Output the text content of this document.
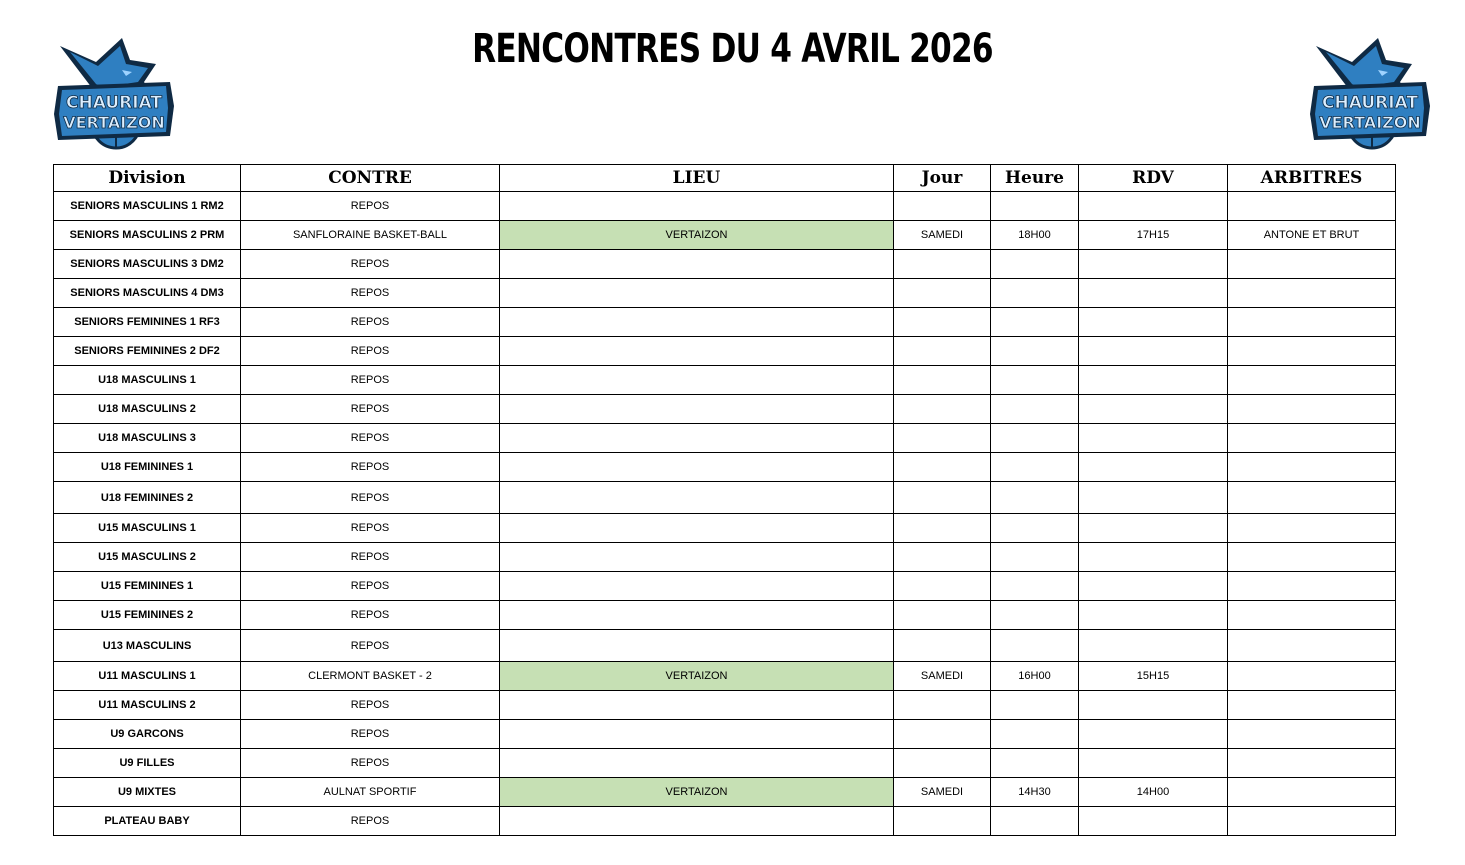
RENCONTRES DU 4 AVRIL 2026
CHAURIAT
VERTAIZON
CHAURIAT
VERTAIZON
Division	CONTRE	LIEU	Jour	Heure	RDV	ARBITRES
SENIORS MASCULINS 1 RM2	REPOS					
SENIORS MASCULINS 2 PRM	SANFLORAINE BASKET-BALL	VERTAIZON	SAMEDI	18H00	17H15	ANTONE ET BRUT
SENIORS MASCULINS 3 DM2	REPOS					
SENIORS MASCULINS 4 DM3	REPOS					
SENIORS FEMININES 1 RF3	REPOS					
SENIORS FEMININES 2 DF2	REPOS					
U18 MASCULINS 1	REPOS					
U18 MASCULINS 2	REPOS					
U18 MASCULINS 3	REPOS					
U18 FEMININES 1	REPOS					
U18 FEMININES 2	REPOS					
U15 MASCULINS 1	REPOS					
U15 MASCULINS 2	REPOS					
U15 FEMININES 1	REPOS					
U15 FEMININES 2	REPOS					
U13 MASCULINS	REPOS					
U11 MASCULINS 1	CLERMONT BASKET - 2	VERTAIZON	SAMEDI	16H00	15H15	
U11 MASCULINS 2	REPOS					
U9 GARCONS	REPOS					
U9 FILLES	REPOS					
U9 MIXTES	AULNAT SPORTIF	VERTAIZON	SAMEDI	14H30	14H00	
PLATEAU BABY	REPOS					
